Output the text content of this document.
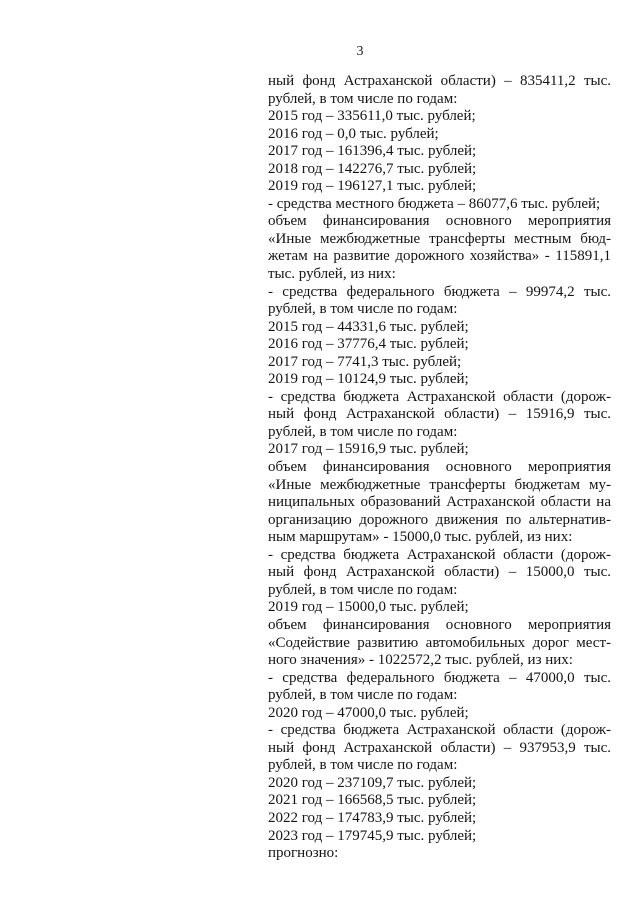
3
ный фонд Астраханской области) – 835411,2 тыс.
рублей, в том числе по годам:
2015 год – 335611,0 тыс. рублей;
2016 год – 0,0 тыс. рублей;
2017 год – 161396,4 тыс. рублей;
2018 год – 142276,7 тыс. рублей;
2019 год – 196127,1 тыс. рублей;
- средства местного бюджета – 86077,6 тыс. рублей;
объем финансирования основного мероприятия
«Иные межбюджетные трансферты местным бюд-
жетам на развитие дорожного хозяйства» - 115891,1
тыс. рублей, из них:
- средства федерального бюджета – 99974,2 тыс.
рублей, в том числе по годам:
2015 год – 44331,6 тыс. рублей;
2016 год – 37776,4 тыс. рублей;
2017 год – 7741,3 тыс. рублей;
2019 год – 10124,9 тыс. рублей;
- средства бюджета Астраханской области (дорож-
ный фонд Астраханской области) – 15916,9 тыс.
рублей, в том числе по годам:
2017 год – 15916,9 тыс. рублей;
объем финансирования основного мероприятия
«Иные межбюджетные трансферты бюджетам му-
ниципальных образований Астраханской области на
организацию дорожного движения по альтернатив-
ным маршрутам» - 15000,0 тыс. рублей, из них:
- средства бюджета Астраханской области (дорож-
ный фонд Астраханской области) – 15000,0 тыс.
рублей, в том числе по годам:
2019 год – 15000,0 тыс. рублей;
объем финансирования основного мероприятия
«Содействие развитию автомобильных дорог мест-
ного значения» - 1022572,2 тыс. рублей, из них:
- средства федерального бюджета – 47000,0 тыс.
рублей, в том числе по годам:
2020 год – 47000,0 тыс. рублей;
- средства бюджета Астраханской области (дорож-
ный фонд Астраханской области) – 937953,9 тыс.
рублей, в том числе по годам:
2020 год – 237109,7 тыс. рублей;
2021 год – 166568,5 тыс. рублей;
2022 год – 174783,9 тыс. рублей;
2023 год – 179745,9 тыс. рублей;
прогнозно:
